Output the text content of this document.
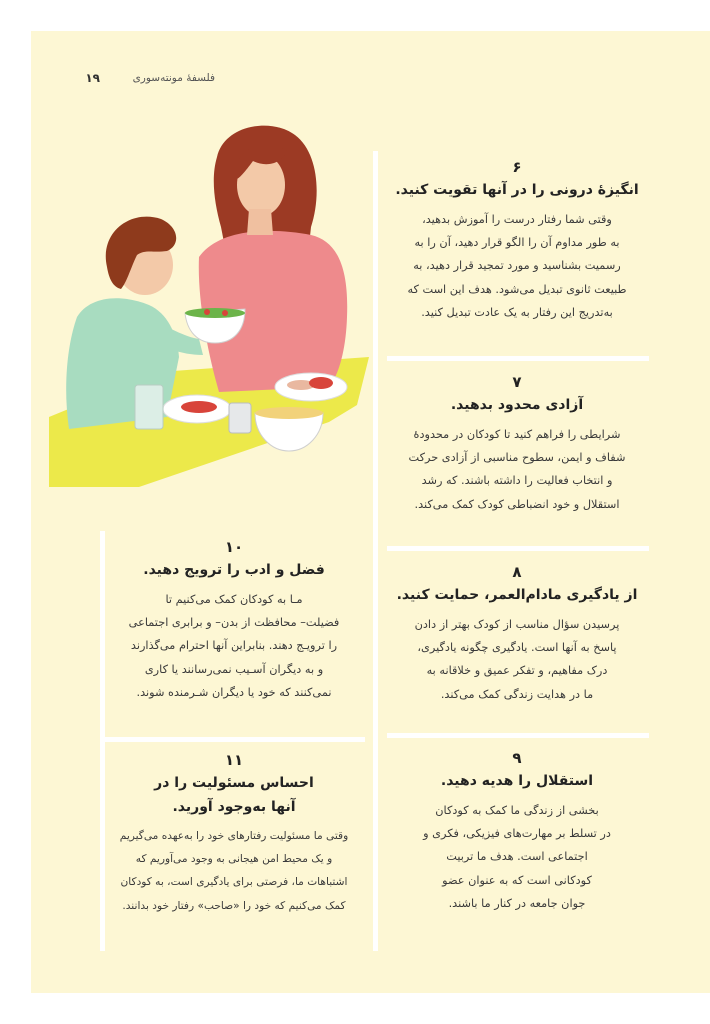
۱۹	فلسفهٔ مونته‌سوری
۶
انگیزهٔ درونی را در آنها تقویت کنید.
وقتی شما رفتار درست را آموزش بدهید،
به طور مداوم آن را الگو قرار دهید، آن را به
رسمیت بشناسید و مورد تمجید قرار دهید، به
طبیعت ثانوی تبدیل می‌شود. هدف این است که
به‌تدریج این رفتار به یک عادت تبدیل کنید.
۷
آزادی محدود بدهید.
شرایطی را فراهم کنید تا کودکان در محدودهٔ
شفاف و ایمن، سطوح مناسبی از آزادی حرکت
و انتخاب فعالیت را داشته باشند. که رشد
استقلال و خود انضباطی کودک کمک می‌کند.
۸
از یادگیری مادام‌العمر، حمایت کنید.
پرسیدن سؤال مناسب از کودک بهتر از دادن
پاسخ به آنها است. یادگیری چگونه یادگیری،
درک مفاهیم، و تفکر عمیق و خلاقانه به
ما در هدایت زندگی کمک می‌کند.
۹
استقلال را هدیه دهید.
بخشی از زندگی ما کمک به کودکان
در تسلط بر مهارت‌های فیزیکی، فکری و
اجتماعی است. هدف ما تربیت
کودکانی است که به عنوان عضو
جوان جامعه در کنار ما باشند.
۱۰
فضل و ادب را ترویج دهید.
مـا به کودکان کمک می‌کنیم تا
فضیلت– محافظت از بدن– و برابری اجتماعی
را ترویـج دهند. بنابراین آنها احترام می‌گذارند
و به دیگران آسـیب نمی‌رسانند یا کاری
نمی‌کنند که خود یا دیگران شـرمنده شوند.
۱۱
احساس مسئولیت را در
آنها به‌وجود آورید.
وقتی ما مسئولیت رفتارهای خود را به‌عهده می‌گیریم
و یک محیط امن هیجانی به وجود می‌آوریم که
اشتباهات ما، فرصتی برای یادگیری است، به کودکان
کمک می‌کنیم که خود را «صاحب» رفتار خود بدانند.
